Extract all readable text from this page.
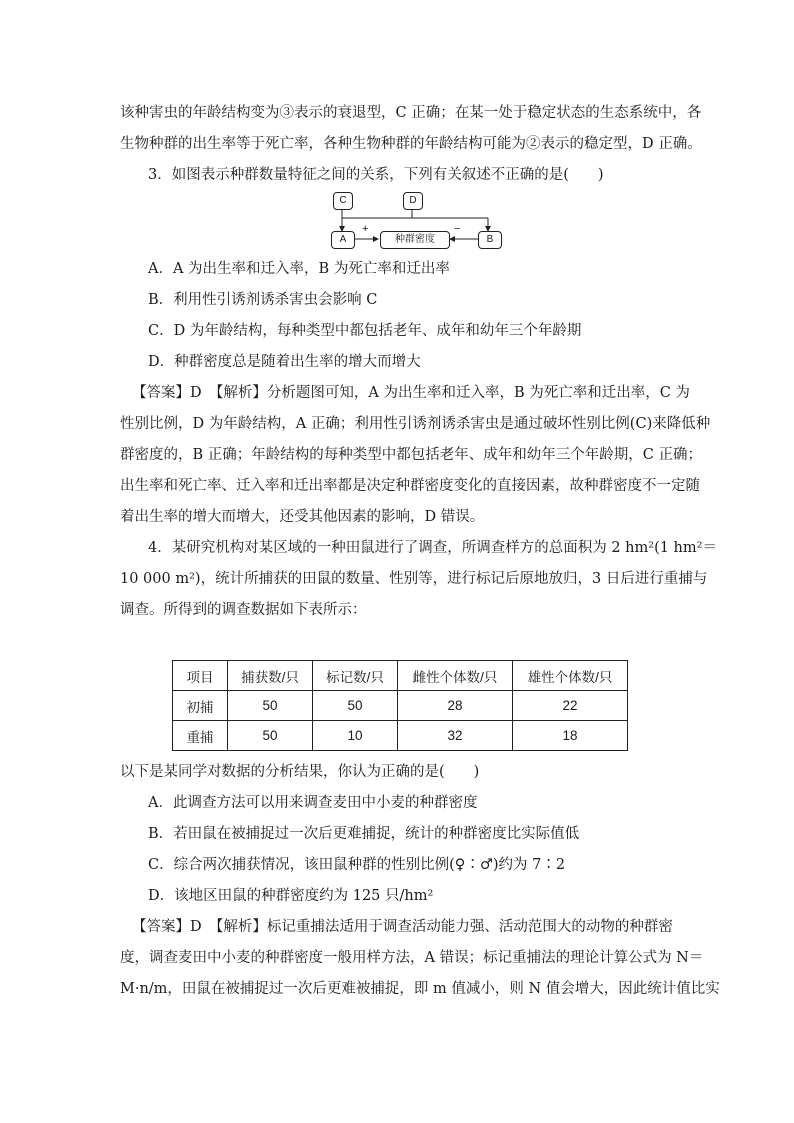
该种害虫的年龄结构变为③表示的衰退型，C 正确；在某一处于稳定状态的生态系统中，各
生物种群的出生率等于死亡率，各种生物种群的年龄结构可能为②表示的稳定型，D 正确。
3．如图表示种群数量特征之间的关系，下列有关叙述不正确的是(　　)
C	D
A	种群密度	B
+	−
A．A 为出生率和迁入率，B 为死亡率和迁出率
B．利用性引诱剂诱杀害虫会影响 C
C．D 为年龄结构，每种类型中都包括老年、成年和幼年三个年龄期
D．种群密度总是随着出生率的增大而增大
【答案】D　【解析】分析题图可知，A 为出生率和迁入率，B 为死亡率和迁出率，C 为
性别比例，D 为年龄结构，A 正确；利用性引诱剂诱杀害虫是通过破坏性别比例(C)来降低种
群密度的，B 正确；年龄结构的每种类型中都包括老年、成年和幼年三个年龄期，C 正确；
出生率和死亡率、迁入率和迁出率都是决定种群密度变化的直接因素，故种群密度不一定随
着出生率的增大而增大，还受其他因素的影响，D 错误。
4．某研究机构对某区域的一种田鼠进行了调查，所调查样方的总面积为 2 hm²(1 hm²＝
10 000 m²)，统计所捕获的田鼠的数量、性别等，进行标记后原地放归，3 日后进行重捕与
调查。所得到的调查数据如下表所示：
项目	捕获数/只	标记数/只	雌性个体数/只	雄性个体数/只
初捕	50	50	28	22
重捕	50	10	32	18
以下是某同学对数据的分析结果，你认为正确的是(　　)
A．此调查方法可以用来调查麦田中小麦的种群密度
B．若田鼠在被捕捉过一次后更难捕捉，统计的种群密度比实际值低
C．综合两次捕获情况，该田鼠种群的性别比例(♀∶♂)约为 7∶2
D．该地区田鼠的种群密度约为 125 只/hm²
【答案】D　【解析】标记重捕法适用于调查活动能力强、活动范围大的动物的种群密
度，调查麦田中小麦的种群密度一般用样方法，A 错误；标记重捕法的理论计算公式为 N＝
M·n/m，田鼠在被捕捉过一次后更难被捕捉，即 m 值减小，则 N 值会增大，因此统计值比实
